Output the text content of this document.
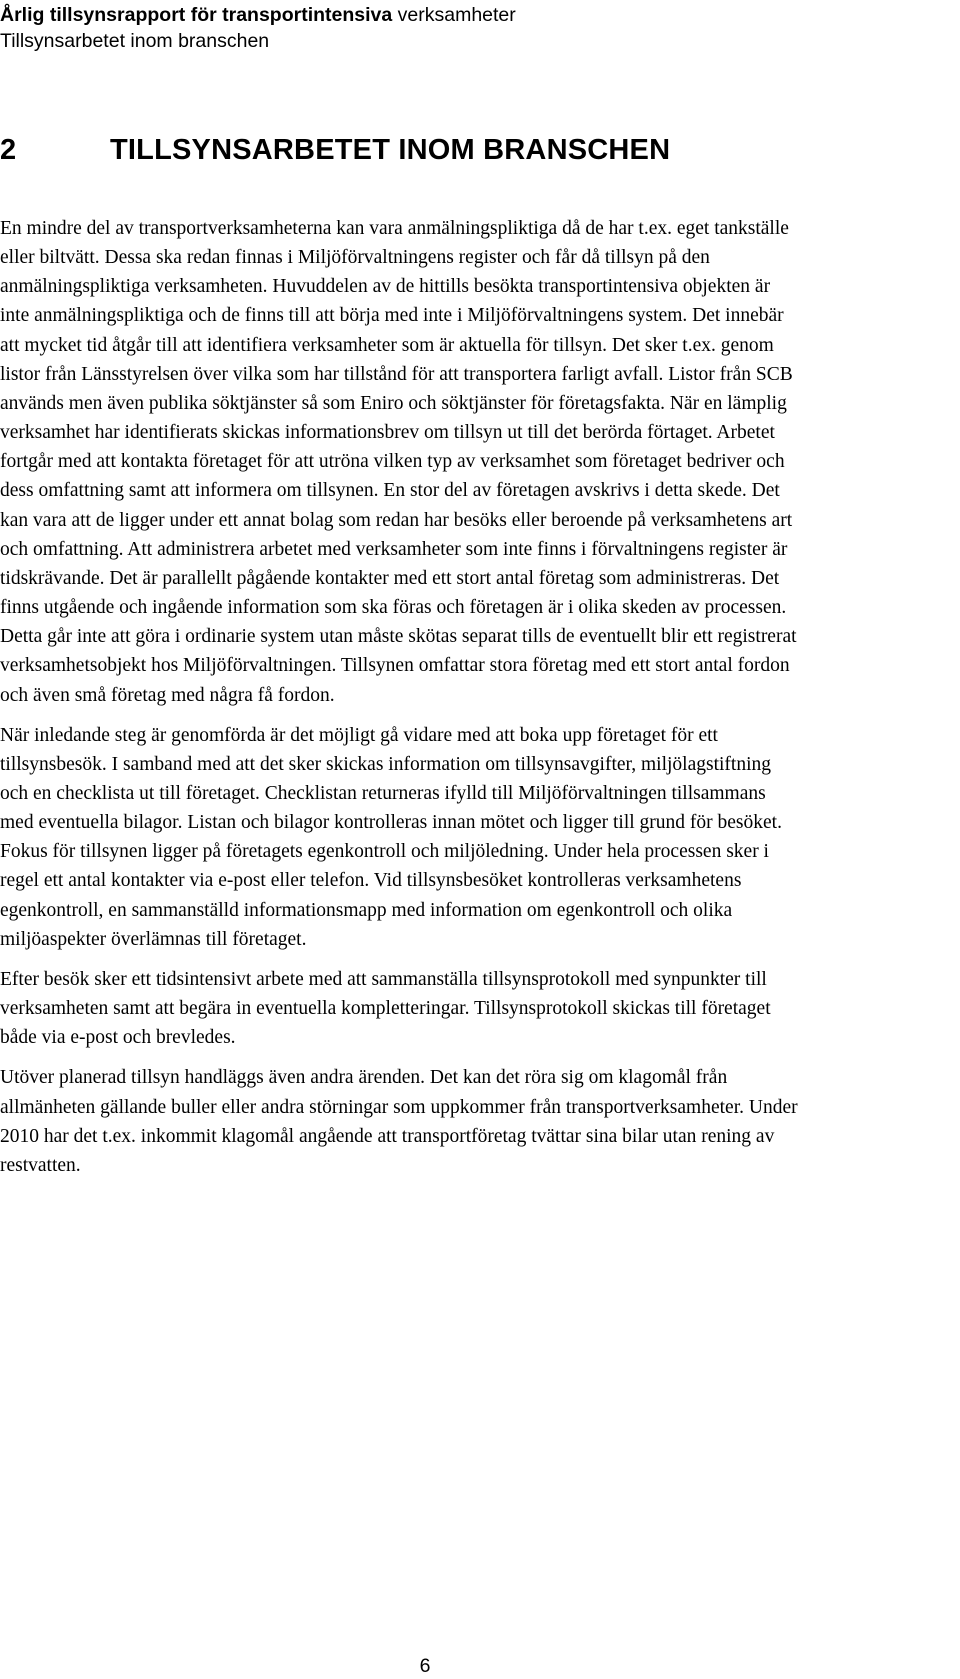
Årlig tillsynsrapport för transportintensiva verksamheter
Tillsynsarbetet inom branschen
2	TILLSYNSARBETET INOM BRANSCHEN

En mindre del av transportverksamheterna kan vara anmälningspliktiga då de har t.ex. eget tankställe
eller biltvätt. Dessa ska redan finnas i Miljöförvaltningens register och får då tillsyn på den
anmälningspliktiga verksamheten. Huvuddelen av de hittills besökta transportintensiva objekten är
inte anmälningspliktiga och de finns till att börja med inte i Miljöförvaltningens system. Det innebär
att mycket tid åtgår till att identifiera verksamheter som är aktuella för tillsyn. Det sker t.ex. genom
listor från Länsstyrelsen över vilka som har tillstånd för att transportera farligt avfall. Listor från SCB
används men även publika söktjänster så som Eniro och söktjänster för företagsfakta. När en lämplig
verksamhet har identifierats skickas informationsbrev om tillsyn ut till det berörda förtaget. Arbetet
fortgår med att kontakta företaget för att utröna vilken typ av verksamhet som företaget bedriver och
dess omfattning samt att informera om tillsynen. En stor del av företagen avskrivs i detta skede. Det
kan vara att de ligger under ett annat bolag som redan har besöks eller beroende på verksamhetens art
och omfattning. Att administrera arbetet med verksamheter som inte finns i förvaltningens register är
tidskrävande. Det är parallellt pågående kontakter med ett stort antal företag som administreras. Det
finns utgående och ingående information som ska föras och företagen är i olika skeden av processen.
Detta går inte att göra i ordinarie system utan måste skötas separat tills de eventuellt blir ett registrerat
verksamhetsobjekt hos Miljöförvaltningen. Tillsynen omfattar stora företag med ett stort antal fordon
och även små företag med några få fordon.

När inledande steg är genomförda är det möjligt gå vidare med att boka upp företaget för ett
tillsynsbesök. I samband med att det sker skickas information om tillsynsavgifter, miljölagstiftning
och en checklista ut till företaget. Checklistan returneras ifylld till Miljöförvaltningen tillsammans
med eventuella bilagor. Listan och bilagor kontrolleras innan mötet och ligger till grund för besöket.
Fokus för tillsynen ligger på företagets egenkontroll och miljöledning. Under hela processen sker i
regel ett antal kontakter via e-post eller telefon. Vid tillsynsbesöket kontrolleras verksamhetens
egenkontroll, en sammanställd informationsmapp med information om egenkontroll och olika
miljöaspekter överlämnas till företaget.

Efter besök sker ett tidsintensivt arbete med att sammanställa tillsynsprotokoll med synpunkter till
verksamheten samt att begära in eventuella kompletteringar. Tillsynsprotokoll skickas till företaget
både via e-post och brevledes.

Utöver planerad tillsyn handläggs även andra ärenden. Det kan det röra sig om klagomål från
allmänheten gällande buller eller andra störningar som uppkommer från transportverksamheter. Under
2010 har det t.ex. inkommit klagomål angående att transportföretag tvättar sina bilar utan rening av
restvatten.

6
